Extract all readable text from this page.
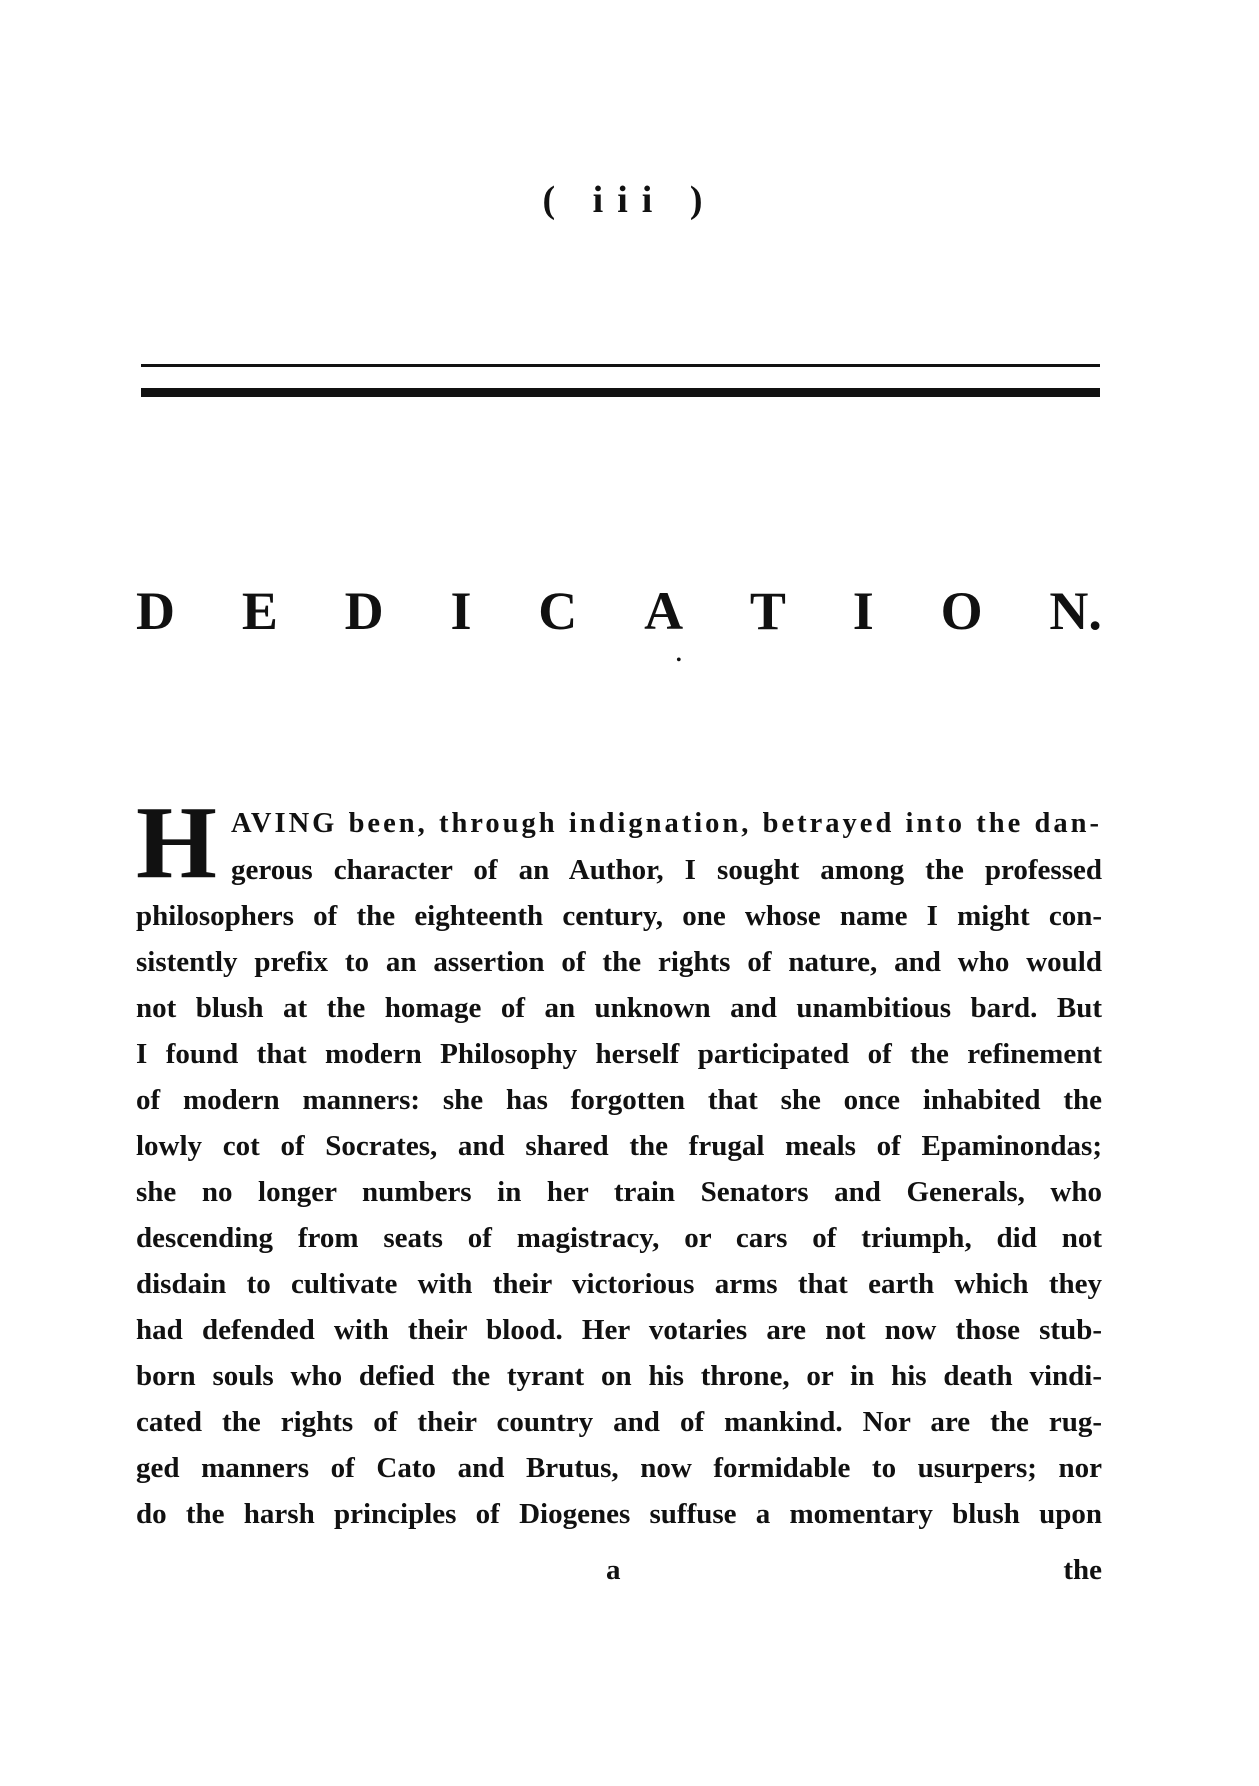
( iii )
D E D I C A T I O N.
•
H AVING been, through indignation, betrayed into the dan-
gerous character of an Author, I sought among the professed
philosophers of the eighteenth century, one whose name I might con-
sistently prefix to an assertion of the rights of nature, and who would
not blush at the homage of an unknown and unambitious bard. But
I found that modern Philosophy herself participated of the refinement
of modern manners: she has forgotten that she once inhabited the
lowly cot of Socrates, and shared the frugal meals of Epaminondas;
she no longer numbers in her train Senators and Generals, who
descending from seats of magistracy, or cars of triumph, did not
disdain to cultivate with their victorious arms that earth which they
had defended with their blood. Her votaries are not now those stub-
born souls who defied the tyrant on his throne, or in his death vindi-
cated the rights of their country and of mankind. Nor are the rug-
ged manners of Cato and Brutus, now formidable to usurpers; nor
do the harsh principles of Diogenes suffuse a momentary blush upon
a	the
